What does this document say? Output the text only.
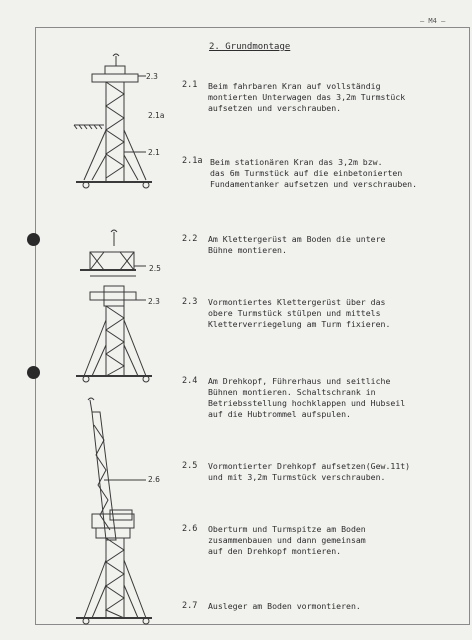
– M4 –
2. Grundmontage
2.1 Beim fahrbaren Kran auf vollständig
montierten Unterwagen das 3,2m Turmstück
aufsetzen und verschrauben.
2.1a Beim stationären Kran das 3,2m bzw.
das 6m Turmstück auf die einbetonierten
Fundamentanker aufsetzen und verschrauben.
2.2 Am Klettergerüst am Boden die untere
Bühne montieren.
2.3 Vormontiertes Klettergerüst über das
obere Turmstück stülpen und mittels
Kletterverriegelung am Turm fixieren.
2.4 Am Drehkopf, Führerhaus und seitliche
Bühnen montieren. Schaltschrank in
Betriebsstellung hochklappen und Hubseil
auf die Hubtrommel aufspulen.
2.5 Vormontierter Drehkopf aufsetzen(Gew.11t)
und mit 3,2m Turmstück verschrauben.
2.6 Oberturm und Turmspitze am Boden
zusammenbauen und dann gemeinsam
auf den Drehkopf montieren.
2.7 Ausleger am Boden vormontieren.
2.3
2.1a
2.1
2.5
2.3
2.6
